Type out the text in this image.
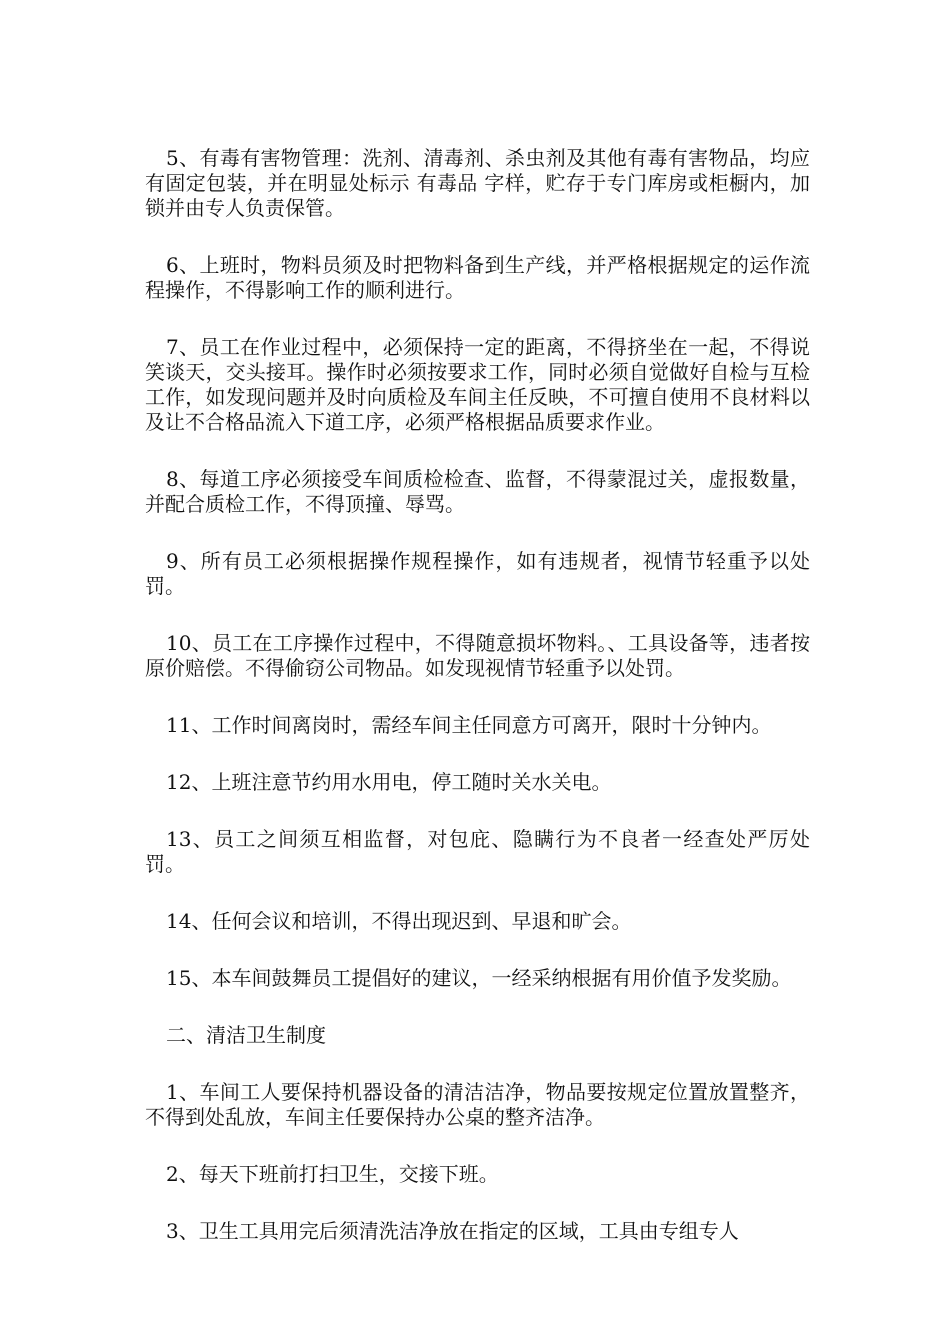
5、有毒有害物管理：洗剂、清毒剂、杀虫剂及其他有毒有害物品，均应有固定包装，并在明显处标示 有毒品 字样，贮存于专门库房或柜橱内，加锁并由专人负责保管。

6、上班时，物料员须及时把物料备到生产线，并严格根据规定的运作流程操作，不得影响工作的顺利进行。

7、员工在作业过程中，必须保持一定的距离，不得挤坐在一起，不得说笑谈天，交头接耳。操作时必须按要求工作，同时必须自觉做好自检与互检工作，如发现问题并及时向质检及车间主任反映，不可擅自使用不良材料以及让不合格品流入下道工序，必须严格根据品质要求作业。

8、每道工序必须接受车间质检检查、监督，不得蒙混过关，虚报数量，并配合质检工作，不得顶撞、辱骂。

9、所有员工必须根据操作规程操作，如有违规者，视情节轻重予以处罚。

10、员工在工序操作过程中，不得随意损坏物料。、工具设备等，违者按原价赔偿。不得偷窃公司物品。如发现视情节轻重予以处罚。

11、工作时间离岗时，需经车间主任同意方可离开，限时十分钟内。

12、上班注意节约用水用电，停工随时关水关电。

13、员工之间须互相监督，对包庇、隐瞒行为不良者一经查处严厉处罚。

14、任何会议和培训，不得出现迟到、早退和旷会。

15、本车间鼓舞员工提倡好的建议，一经采纳根据有用价值予发奖励。

二、清洁卫生制度

1、车间工人要保持机器设备的清洁洁净，物品要按规定位置放置整齐，不得到处乱放，车间主任要保持办公桌的整齐洁净。

2、每天下班前打扫卫生，交接下班。

3、卫生工具用完后须清洗洁净放在指定的区域，工具由专组专人
